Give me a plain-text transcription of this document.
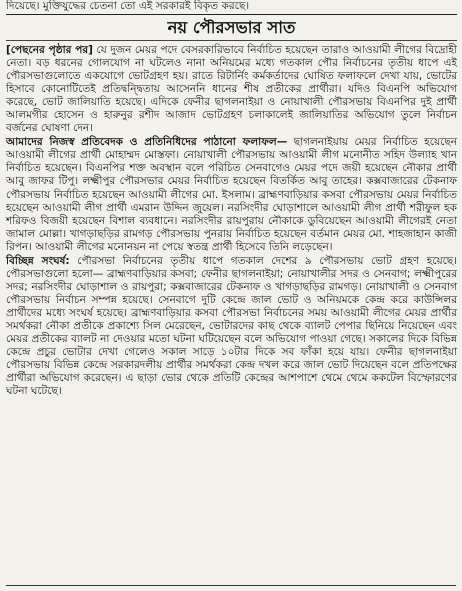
দিয়েছে। মুক্তিযুদ্ধের চেতনা তো এই সরকারই বিকৃত করছে।
নয় পৌরসভার সাত

[পেছনের পৃষ্ঠার পর] যে দুজন মেয়র পদে বেসরকারিভাবে নির্বাচিত হয়েছেন তারাও আওয়ামী লীগের বিদ্রোহী নেতা। বড় ধরনের গোলযোগ না ঘটলেও নানা অনিয়মের মধ্যে গতকাল পৌর নির্বাচনের তৃতীয় ধাপে এই পৌরসভাগুলোতে একযোগে ভোটগ্রহণ হয়। রাতে রিটার্নিং কর্মকর্তাদের ঘোষিত ফলাফলে দেখা যায়, ভোটের হিসাবে কোনোটিতেই প্রতিদ্বন্দ্বিতায় আসেননি ধানের শীষ প্রতীকের প্রার্থীরা। যদিও বিএনপি অভিযোগ করেছে, ভোট জালিয়াতি হয়েছে। এদিকে ফেনীর ছাগলনাইয়া ও নোয়াখালী পৌরসভায় বিএনপির দুই প্রার্থী আলমগীর হোসেন ও হারুনুর রশীদ আজাদ ভোটগ্রহণ চলাকালেই জালিয়াতির অভিযোগ তুলে নির্বাচন বর্জনের ঘোষণা দেন।

আমাদের নিজস্ব প্রতিবেদক ও প্রতিনিধিদের পাঠানো ফলাফল— ছাগলনাইয়ায় মেয়র নির্বাচিত হয়েছেন আওয়ামী লীগের প্রার্থী মোহাম্মদ মোস্তফা। নোয়াখালী পৌরসভায় আওয়ামী লীগ মনোনীত সহিদ উল্যাহ খান নির্বাচিত হয়েছেন। বিএনপির শক্ত অবস্থান বলে পরিচিত সেনবাগেও মেয়র পদে জয়ী হয়েছেন নৌকার প্রার্থী আবু জাফর টিপু। লক্ষ্মীপুর পৌরসভার মেয়র নির্বাচিত হয়েছেন বিতর্কিত আবু তাহের। কক্সবাজারের টেকনাফ পৌরসভায় নির্বাচিত হয়েছেন আওয়ামী লীগের মো. ইসলাম। ব্রাহ্মণবাড়িয়ার কসবা পৌরসভায় মেয়র নির্বাচিত হয়েছেন আওয়ামী লীগ প্রার্থী এমরান উদ্দিন জুয়েল। নরসিংদীর ঘোড়াশালে আওয়ামী লীগ প্রার্থী শরীফুল হক শরিফও বিজয়ী হয়েছেন বিশাল ব্যবধানে। নরসিংদীর রায়পুরায় নৌকাকে ডুবিয়েছেন আওয়ামী লীগেরই নেতা জামাল মোল্লা। খাগড়াছড়ির রামগড় পৌরসভায় পুনরায় নির্বাচিত হয়েছেন বর্তমান মেয়র মো. শাহজাহান কাজী রিপন। আওয়ামী লীগের মনোনয়ন না পেয়ে স্বতন্ত্র প্রার্থী হিসেবে তিনি লড়েছেন।

বিচ্ছিন্ন সংঘর্ষ: পৌরসভা নির্বাচনের তৃতীয় ধাপে গতকাল দেশের ৯ পৌরসভায় ভোট গ্রহণ হয়েছে। পৌরসভাগুলো হলো— ব্রাহ্মণবাড়িয়ার কসবা; ফেনীর ছাগলনাইয়া; নোয়াখালীর সদর ও সেনবাগ; লক্ষ্মীপুরের সদর; নরসিংদীর ঘোড়াশাল ও রায়পুরা; কক্সবাজারের টেকনাফ ও খাগড়াছড়ির রামগড়। নোয়াখালী ও সেনবাগ পৌরসভায় নির্বাচন সম্পন্ন হয়েছে। সেনবাগে দুটি কেন্দ্রে জাল ভোট ও অনিয়মকে কেন্দ্র করে কাউন্সিলর প্রার্থীদের মধ্যে সংঘর্ষ হয়েছে। ব্রাহ্মণবাড়িয়ার কসবা পৌরসভা নির্বাচনের সময় আওয়ামী লীগের মেয়র প্রার্থীর সমর্থকরা নৌকা প্রতীকে প্রকাশ্যে সিল মেরেছেন, ভোটারদের কাছ থেকে ব্যালট পেপার ছিনিয়ে নিয়েছেন এবং মেয়র প্রতীকের ব্যালট না দেওয়ার মতো ঘটনা ঘটিয়েছেন বলে অভিযোগ পাওয়া গেছে। সকালের দিকে বিভিন্ন কেন্দ্রে প্রচুর ভোটার দেখা গেলেও সকাল সাড়ে ১০টার দিকে সব ফাঁকা হয়ে যায়। ফেনীর ছাগলনাইয়া পৌরসভায় বিভিন্ন কেন্দ্রে সরকারদলীয় প্রার্থীর সমর্থকরা কেন্দ্র দখল করে জাল ভোট দিয়েছেন বলে প্রতিপক্ষের প্রার্থীরা অভিযোগ করেছেন। এ ছাড়া ভোর থেকে প্রতিটি কেন্দ্রের আশপাশে থেমে থেমে ককটেল বিস্ফোরণের ঘটনা ঘটেছে।
